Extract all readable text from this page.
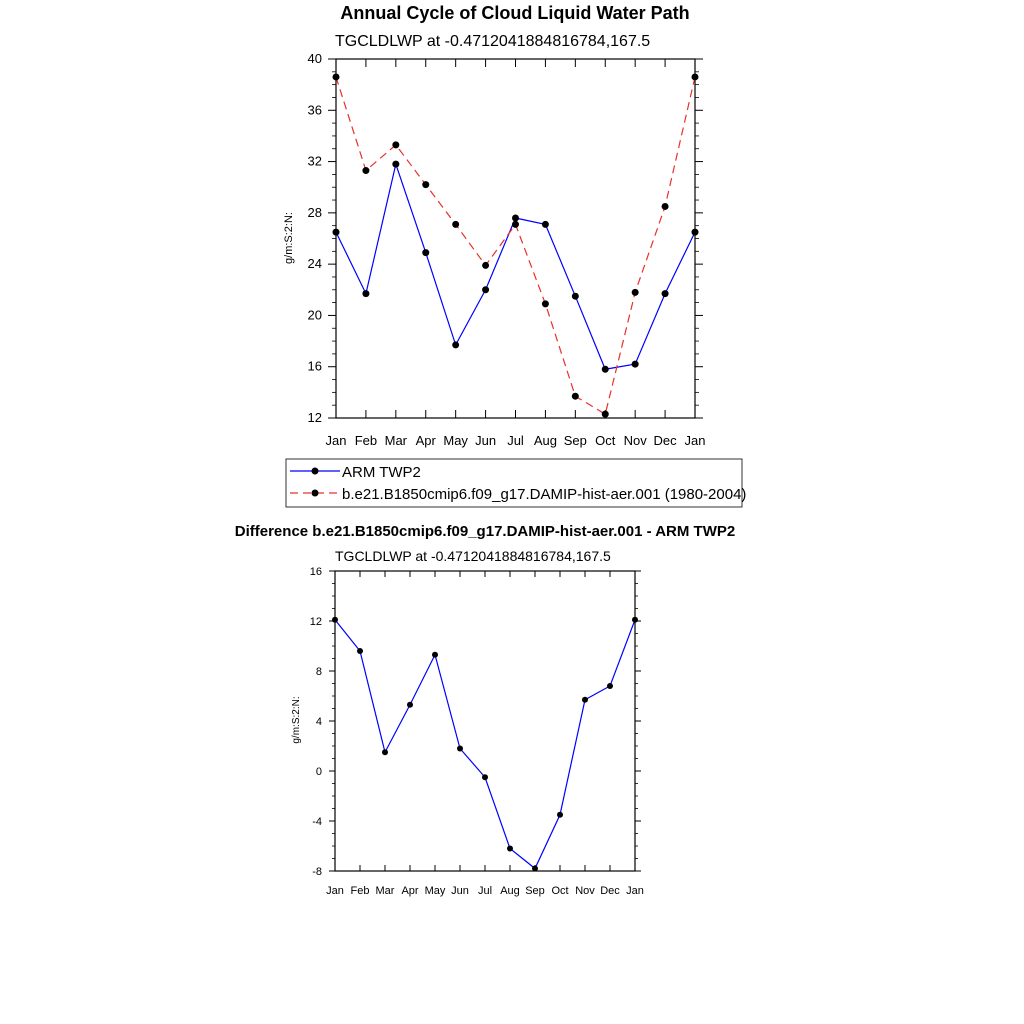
Annual Cycle of Cloud Liquid Water Path
TGCLDLWP at -0.4712041884816784,167.5
g/m:S:2:N:
Jan Feb Mar Apr May Jun Jul Aug Sep Oct Nov Dec Jan
12
16
20
24
28
32
36
40
ARM TWP2
b.e21.B1850cmip6.f09_g17.DAMIP-hist-aer.001 (1980-2004)
Difference b.e21.B1850cmip6.f09_g17.DAMIP-hist-aer.001 - ARM TWP2
TGCLDLWP at -0.4712041884816784,167.5
g/m:S:2:N:
Jan Feb Mar Apr May Jun Jul Aug Sep Oct Nov Dec Jan
-8
-4
0
4
8
12
16
